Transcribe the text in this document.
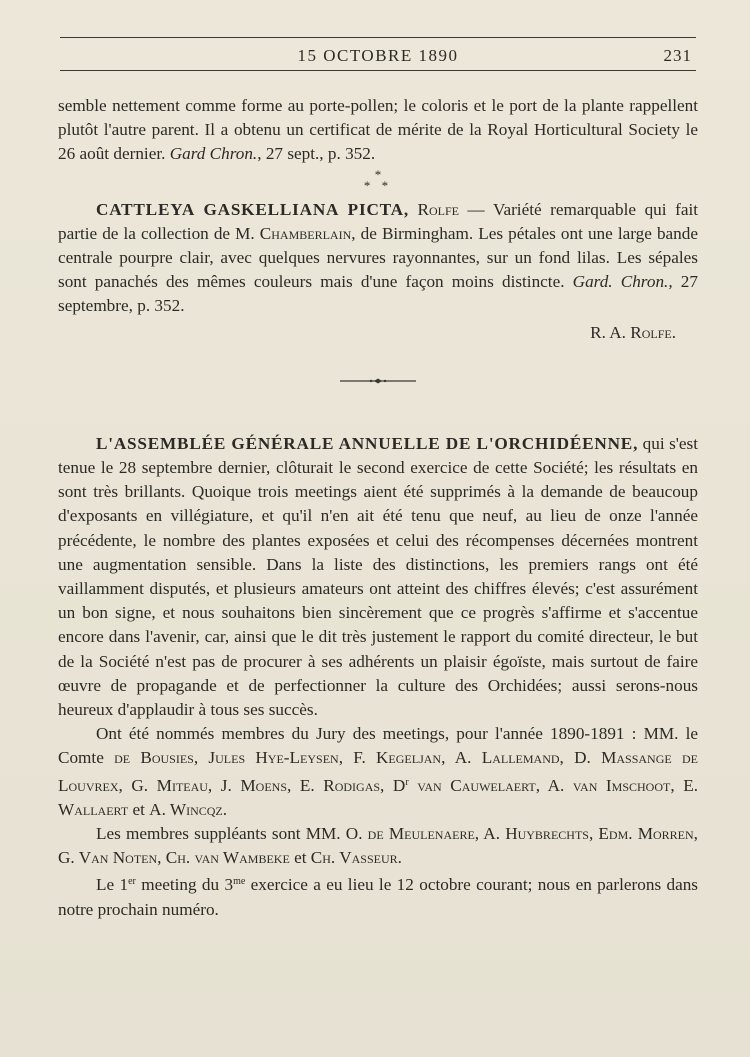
15 OCTOBRE 1890	231

semble nettement comme forme au porte-pollen; le coloris et le port de la plante rappellent plutôt l'autre parent. Il a obtenu un certificat de mérite de la Royal Horticultural Society le 26 août dernier. Gard Chron., 27 sept., p. 352.

*
* *

CATTLEYA GASKELLIANA PICTA, Rolfe — Variété remarquable qui fait partie de la collection de M. Chamberlain, de Birmingham. Les pétales ont une large bande centrale pourpre clair, avec quelques nervures rayonnantes, sur un fond lilas. Les sépales sont panachés des mêmes couleurs mais d'une façon moins distincte. Gard. Chron., 27 septembre, p. 352.

R. A. Rolfe.

L'ASSEMBLÉE GÉNÉRALE ANNUELLE DE L'ORCHIDÉENNE, qui s'est tenue le 28 septembre dernier, clôturait le second exercice de cette Société; les résultats en sont très brillants. Quoique trois meetings aient été supprimés à la demande de beaucoup d'exposants en villégiature, et qu'il n'en ait été tenu que neuf, au lieu de onze l'année précédente, le nombre des plantes exposées et celui des récompenses décernées montrent une augmentation sensible. Dans la liste des distinctions, les premiers rangs ont été vaillamment disputés, et plusieurs amateurs ont atteint des chiffres élevés; c'est assurément un bon signe, et nous souhaitons bien sincèrement que ce progrès s'affirme et s'accentue encore dans l'avenir, car, ainsi que le dit très justement le rapport du comité directeur, le but de la Société n'est pas de procurer à ses adhérents un plaisir égoïste, mais surtout de faire œuvre de propagande et de perfectionner la culture des Orchidées; aussi serons-nous heureux d'applaudir à tous ses succès.

Ont été nommés membres du Jury des meetings, pour l'année 1890-1891 : MM. le Comte de Bousies, Jules Hye-Leysen, F. Kegeljan, A. Lallemand, D. Massange de Louvrex, G. Miteau, J. Moens, E. Rodigas, $D^r$ van Cauwelaert, A. van Imschoot, E. Wallaert et A. Wincqz.

Les membres suppléants sont MM. O. de Meulenaere, A. Huybrechts, Edm. Morren, G. Van Noten, Ch. van Wambeke et Ch. Vasseur.

Le 1er meeting du $3^{me}$ exercice a eu lieu le 12 octobre courant; nous en parlerons dans notre prochain numéro.
